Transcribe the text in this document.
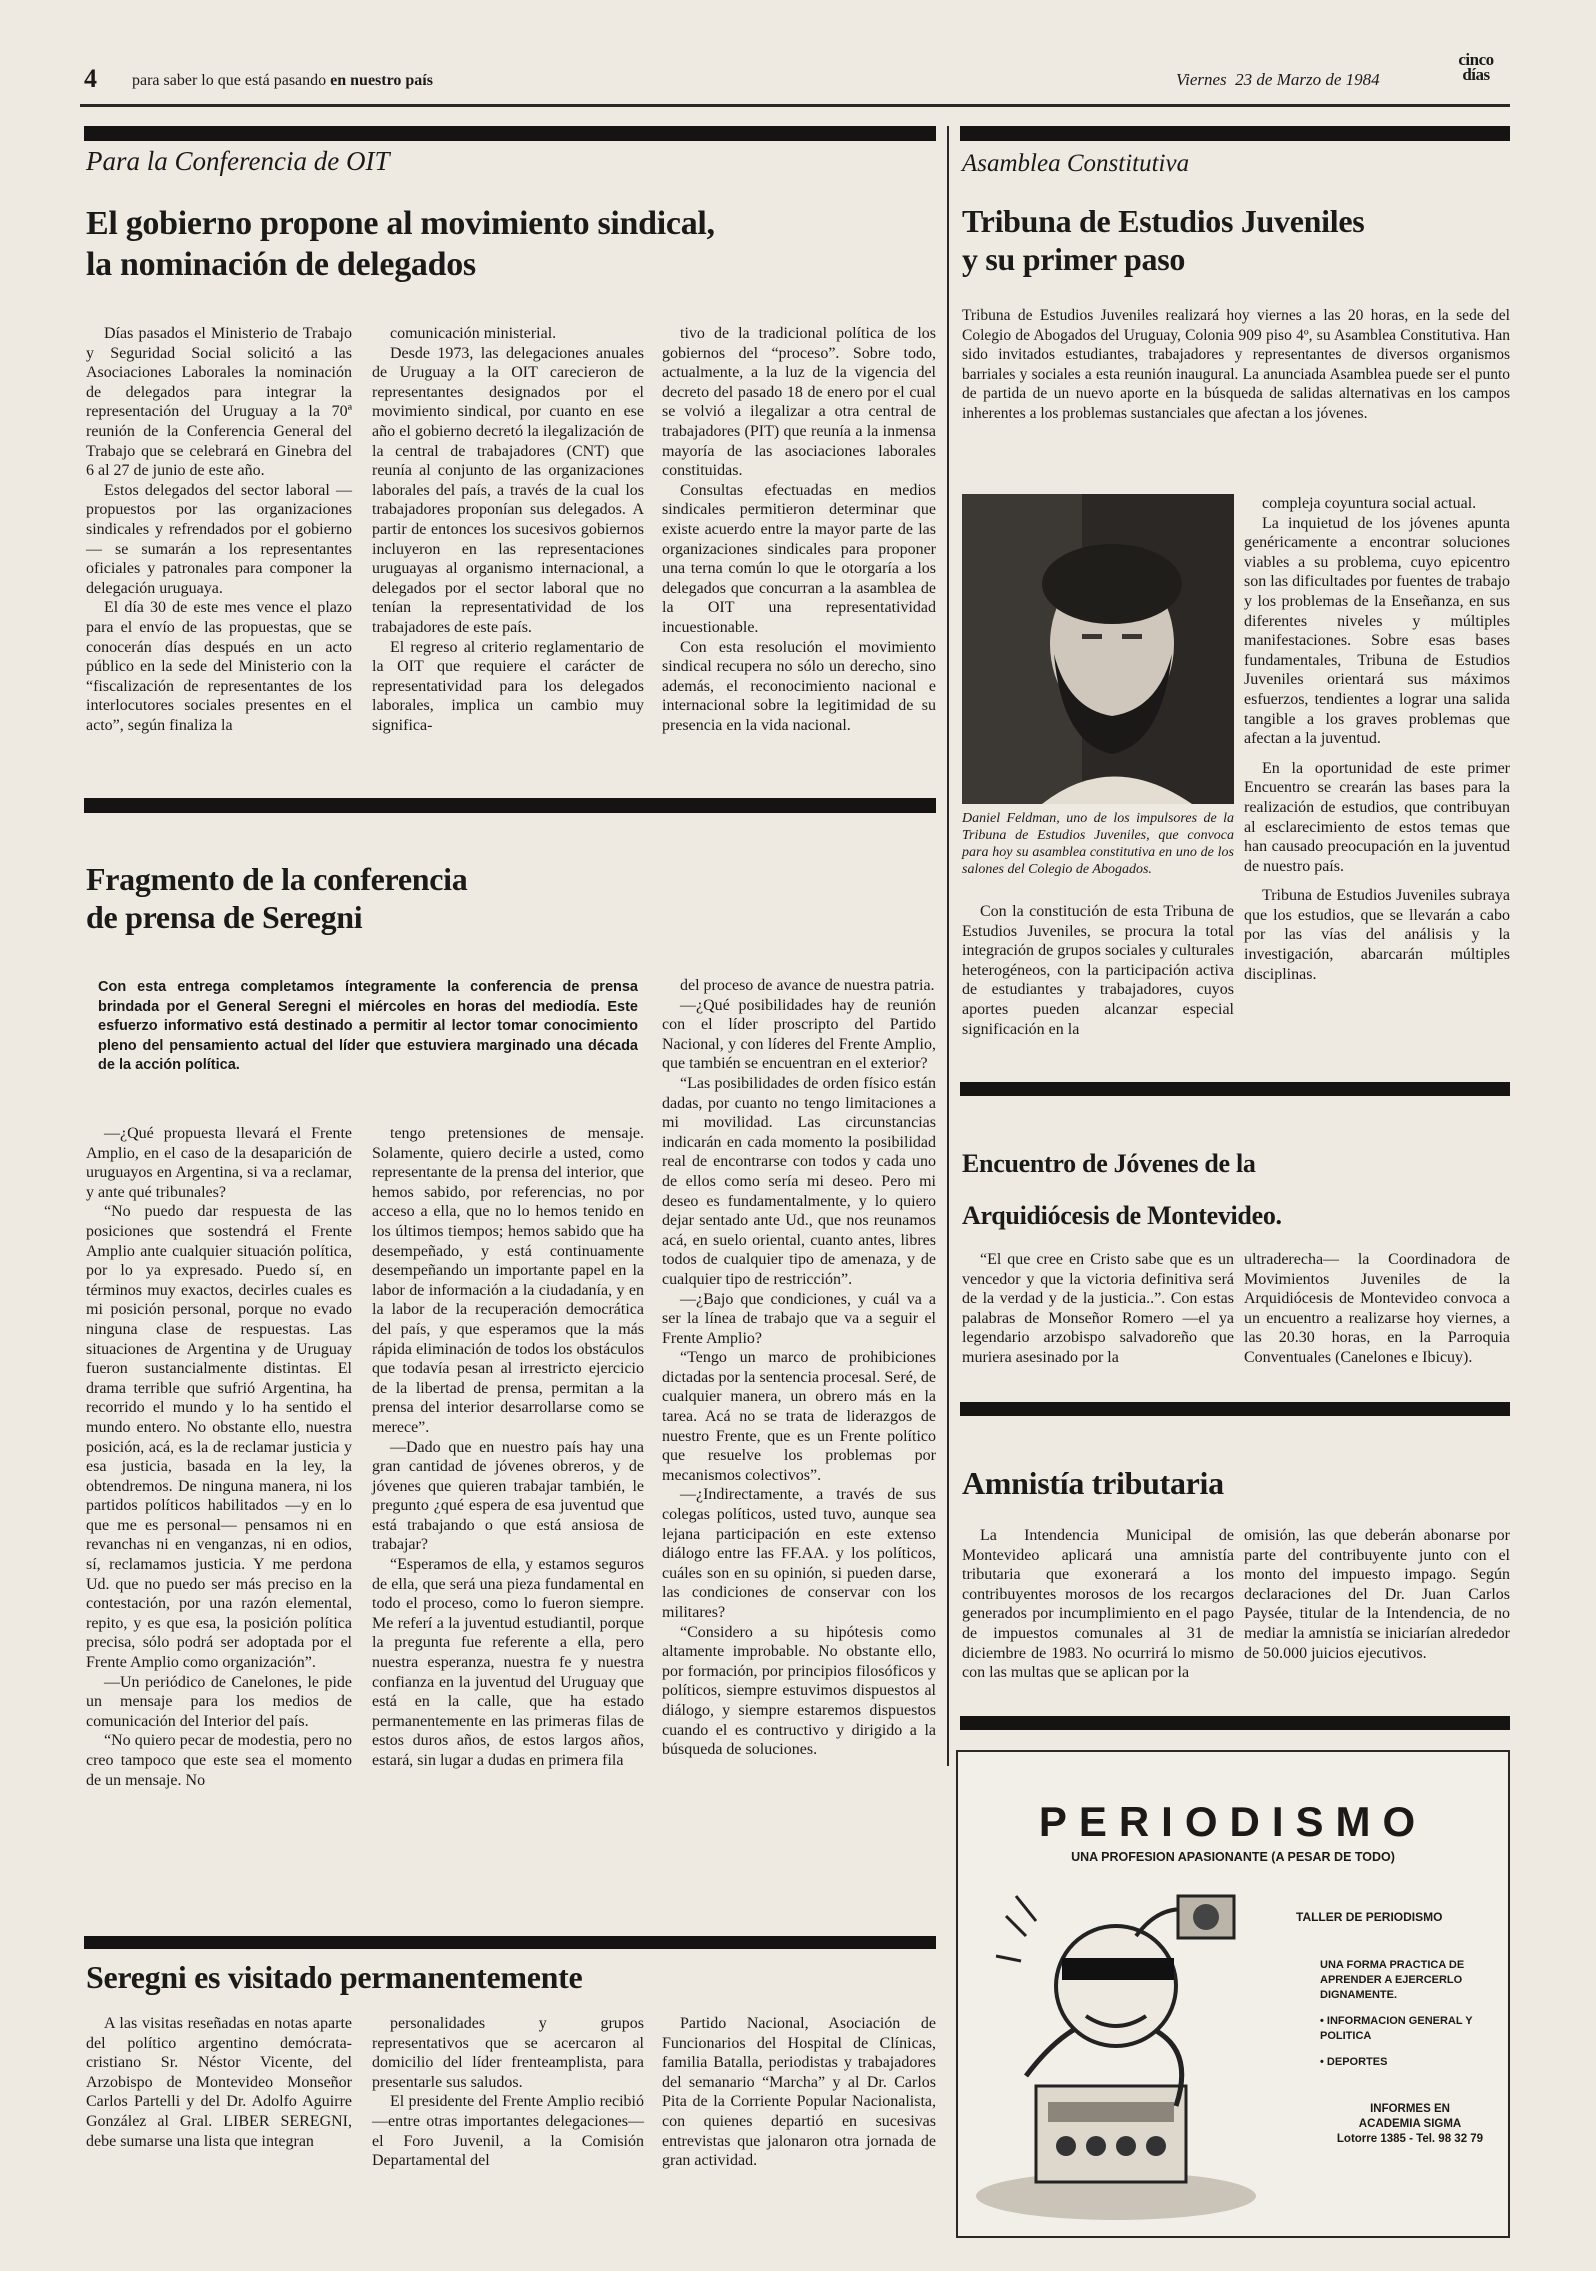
4 para saber lo que está pasando en nuestro país	Viernes  23 de Marzo de 1984
cinco
días
Para la Conferencia de OIT
El gobierno propone al movimiento sindical,
la nominación de delegados

Días pasados el Ministerio de Trabajo y Seguridad Social solicitó a las Asociaciones Laborales la nominación de delegados para integrar la representación del Uruguay a la 70ª reunión de la Conferencia General del Trabajo que se celebrará en Ginebra del 6 al 27 de junio de este año.

Estos delegados del sector laboral —propuestos por las organizaciones sindicales y refrendados por el gobierno— se sumarán a los representantes oficiales y patronales para componer la delegación uruguaya.

El día 30 de este mes vence el plazo para el envío de las propuestas, que se conocerán días después en un acto público en la sede del Ministerio con la “fiscalización de representantes de los interlocutores sociales presentes en el acto”, según finaliza la

comunicación ministerial.

Desde 1973, las delegaciones anuales de Uruguay a la OIT carecieron de representantes designados por el movimiento sindical, por cuanto en ese año el gobierno decretó la ilegalización de la central de trabajadores (CNT) que reunía al conjunto de las organizaciones laborales del país, a través de la cual los trabajadores proponían sus delegados. A partir de entonces los sucesivos gobiernos incluyeron en las representaciones uruguayas al organismo internacional, a delegados por el sector laboral que no tenían la representatividad de los trabajadores de este país.

El regreso al criterio reglamentario de la OIT que requiere el carácter de representatividad para los delegados laborales, implica un cambio muy significa-

tivo de la tradicional política de los gobiernos del “proceso”. Sobre todo, actualmente, a la luz de la vigencia del decreto del pasado 18 de enero por el cual se volvió a ilegalizar a otra central de trabajadores (PIT) que reunía a la inmensa mayoría de las asociaciones laborales constituidas.

Consultas efectuadas en medios sindicales permitieron determinar que existe acuerdo entre la mayor parte de las organizaciones sindicales para proponer una terna común lo que le otorgaría a los delegados que concurran a la asamblea de la OIT una representatividad incuestionable.

Con esta resolución el movimiento sindical recupera no sólo un derecho, sino además, el reconocimiento nacional e internacional sobre la legitimidad de su presencia en la vida nacional.

Asamblea Constitutiva
Tribuna de Estudios Juveniles
y su primer paso
Tribuna de Estudios Juveniles realizará hoy viernes a las 20 horas, en la sede del Colegio de Abogados del Uruguay, Colonia 909 piso 4º, su Asamblea Constitutiva. Han sido invitados estudiantes, trabajadores y representantes de diversos organismos barriales y sociales a esta reunión inaugural. La anunciada Asamblea puede ser el punto de partida de un nuevo aporte en la búsqueda de salidas alternativas en los campos inherentes a los problemas sustanciales que afectan a los jóvenes.
Daniel Feldman, uno de los impulsores de la Tribuna de Estudios Juveniles, que convoca para hoy su asamblea constitutiva en uno de los salones del Colegio de Abogados.

Con la constitución de esta Tribuna de Estudios Juveniles, se procura la total integración de grupos sociales y culturales heterogéneos, con la participación activa de estudiantes y trabajadores, cuyos aportes pueden alcanzar especial significación en la

compleja coyuntura social actual.

La inquietud de los jóvenes apunta genéricamente a encontrar soluciones viables a su problema, cuyo epicentro son las dificultades por fuentes de trabajo y los problemas de la Enseñanza, en sus diferentes niveles y múltiples manifestaciones. Sobre esas bases fundamentales, Tribuna de Estudios Juveniles orientará sus máximos esfuerzos, tendientes a lograr una salida tangible a los graves problemas que afectan a la juventud.

En la oportunidad de este primer Encuentro se crearán las bases para la realización de estudios, que contribuyan al esclarecimiento de estos temas que han causado preocupación en la juventud de nuestro país.

Tribuna de Estudios Juveniles subraya que los estudios, que se llevarán a cabo por las vías del análisis y la investigación, abarcarán múltiples disciplinas.

Fragmento de la conferencia
de prensa de Seregni
Con esta entrega completamos íntegramente la conferencia de prensa brindada por el General Seregni el miércoles en horas del mediodía. Este esfuerzo informativo está destinado a permitir al lector tomar conocimiento pleno del pensamiento actual del líder que estuviera marginado una década de la acción política.

—¿Qué propuesta llevará el Frente Amplio, en el caso de la desaparición de uruguayos en Argentina, si va a reclamar, y ante qué tribunales?

“No puedo dar respuesta de las posiciones que sostendrá el Frente Amplio ante cualquier situación política, por lo ya expresado. Puedo sí, en términos muy exactos, decirles cuales es mi posición personal, porque no evado ninguna clase de respuestas. Las situaciones de Argentina y de Uruguay fueron sustancialmente distintas. El drama terrible que sufrió Argentina, ha recorrido el mundo y lo ha sentido el mundo entero. No obstante ello, nuestra posición, acá, es la de reclamar justicia y esa justicia, basada en la ley, la obtendremos. De ninguna manera, ni los partidos políticos habilitados —y en lo que me es personal— pensamos ni en revanchas ni en venganzas, ni en odios, sí, reclamamos justicia. Y me perdona Ud. que no puedo ser más preciso en la contestación, por una razón elemental, repito, y es que esa, la posición política precisa, sólo podrá ser adoptada por el Frente Amplio como organización”.

—Un periódico de Canelones, le pide un mensaje para los medios de comunicación del Interior del país.

“No quiero pecar de modestia, pero no creo tampoco que este sea el momento de un mensaje. No

tengo pretensiones de mensaje. Solamente, quiero decirle a usted, como representante de la prensa del interior, que hemos sabido, por referencias, no por acceso a ella, que no lo hemos tenido en los últimos tiempos; hemos sabido que ha desempeñado, y está continuamente desempeñando un importante papel en la labor de información a la ciudadanía, y en la labor de la recuperación democrática del país, y que esperamos que la más rápida eliminación de todos los obstáculos que todavía pesan al irrestricto ejercicio de la libertad de prensa, permitan a la prensa del interior desarrollarse como se merece”.

—Dado que en nuestro país hay una gran cantidad de jóvenes obreros, y de jóvenes que quieren trabajar también, le pregunto ¿qué espera de esa juventud que está trabajando o que está ansiosa de trabajar?

“Esperamos de ella, y estamos seguros de ella, que será una pieza fundamental en todo el proceso, como lo fueron siempre. Me referí a la juventud estudiantil, porque la pregunta fue referente a ella, pero nuestra esperanza, nuestra fe y nuestra confianza en la juventud del Uruguay que está en la calle, que ha estado permanentemente en las primeras filas de estos duros años, de estos largos años, estará, sin lugar a dudas en primera fila

del proceso de avance de nuestra patria.

—¿Qué posibilidades hay de reunión con el líder proscripto del Partido Nacional, y con líderes del Frente Amplio, que también se encuentran en el exterior?

“Las posibilidades de orden físico están dadas, por cuanto no tengo limitaciones a mi movilidad. Las circunstancias indicarán en cada momento la posibilidad real de encontrarse con todos y cada uno de ellos como sería mi deseo. Pero mi deseo es fundamentalmente, y lo quiero dejar sentado ante Ud., que nos reunamos acá, en suelo oriental, cuanto antes, libres todos de cualquier tipo de amenaza, y de cualquier tipo de restricción”.

—¿Bajo que condiciones, y cuál va a ser la línea de trabajo que va a seguir el Frente Amplio?

“Tengo un marco de prohibiciones dictadas por la sentencia procesal. Seré, de cualquier manera, un obrero más en la tarea. Acá no se trata de liderazgos de nuestro Frente, que es un Frente político que resuelve los problemas por mecanismos colectivos”.

—¿Indirectamente, a través de sus colegas políticos, usted tuvo, aunque sea lejana participación en este extenso diálogo entre las FF.AA. y los políticos, cuáles son en su opinión, si pueden darse, las condiciones de conservar con los militares?

“Considero a su hipótesis como altamente improbable. No obstante ello, por formación, por principios filosóficos y políticos, siempre estuvimos dispuestos al diálogo, y siempre estaremos dispuestos cuando el es contructivo y dirigido a la búsqueda de soluciones.

Seregni es visitado permanentemente

A las visitas reseñadas en notas aparte del político argentino demócrata-cristiano Sr. Néstor Vicente, del Arzobispo de Montevideo Monseñor Carlos Partelli y del Dr. Adolfo Aguirre González al Gral. LIBER SEREGNI, debe sumarse una lista que integran

personalidades y grupos representativos que se acercaron al domicilio del líder frenteamplista, para presentarle sus saludos.

El presidente del Frente Amplio recibió —entre otras importantes delegaciones— el Foro Juvenil, a la Comisión Departamental del

Partido Nacional, Asociación de Funcionarios del Hospital de Clínicas, familia Batalla, periodistas y trabajadores del semanario “Marcha” y al Dr. Carlos Pita de la Corriente Popular Nacionalista, con quienes departió en sucesivas entrevistas que jalonaron otra jornada de gran actividad.

Encuentro de Jóvenes de la
Arquidiócesis de Montevideo.

“El que cree en Cristo sabe que es un vencedor y que la victoria definitiva será de la verdad y de la justicia..”. Con estas palabras de Monseñor Romero —el ya legendario arzobispo salvadoreño que muriera asesinado por la

ultraderecha— la Coordinadora de Movimientos Juveniles de la Arquidiócesis de Montevideo convoca a un encuentro a realizarse hoy viernes, a las 20.30 horas, en la Parroquia Conventuales (Canelones e Ibicuy).

Amnistía tributaria

La Intendencia Municipal de Montevideo aplicará una amnistía tributaria que exonerará a los contribuyentes morosos de los recargos generados por incumplimiento en el pago de impuestos comunales al 31 de diciembre de 1983. No ocurrirá lo mismo con las multas que se aplican por la

omisión, las que deberán abonarse por parte del contribuyente junto con el monto del impuesto impago. Según declaraciones del Dr. Juan Carlos Paysée, titular de la Intendencia, de no mediar la amnistía se iniciarían alrededor de 50.000 juicios ejecutivos.

PERIODISMO
UNA PROFESION APASIONANTE (A PESAR DE TODO)
TALLER DE PERIODISMO
UNA FORMA PRACTICA DE APRENDER A EJERCERLO DIGNAMENTE.
• INFORMACION GENERAL Y POLITICA
• DEPORTES
INFORMES EN
ACADEMIA SIGMA
Lotorre 1385 - Tel. 98 32 79
